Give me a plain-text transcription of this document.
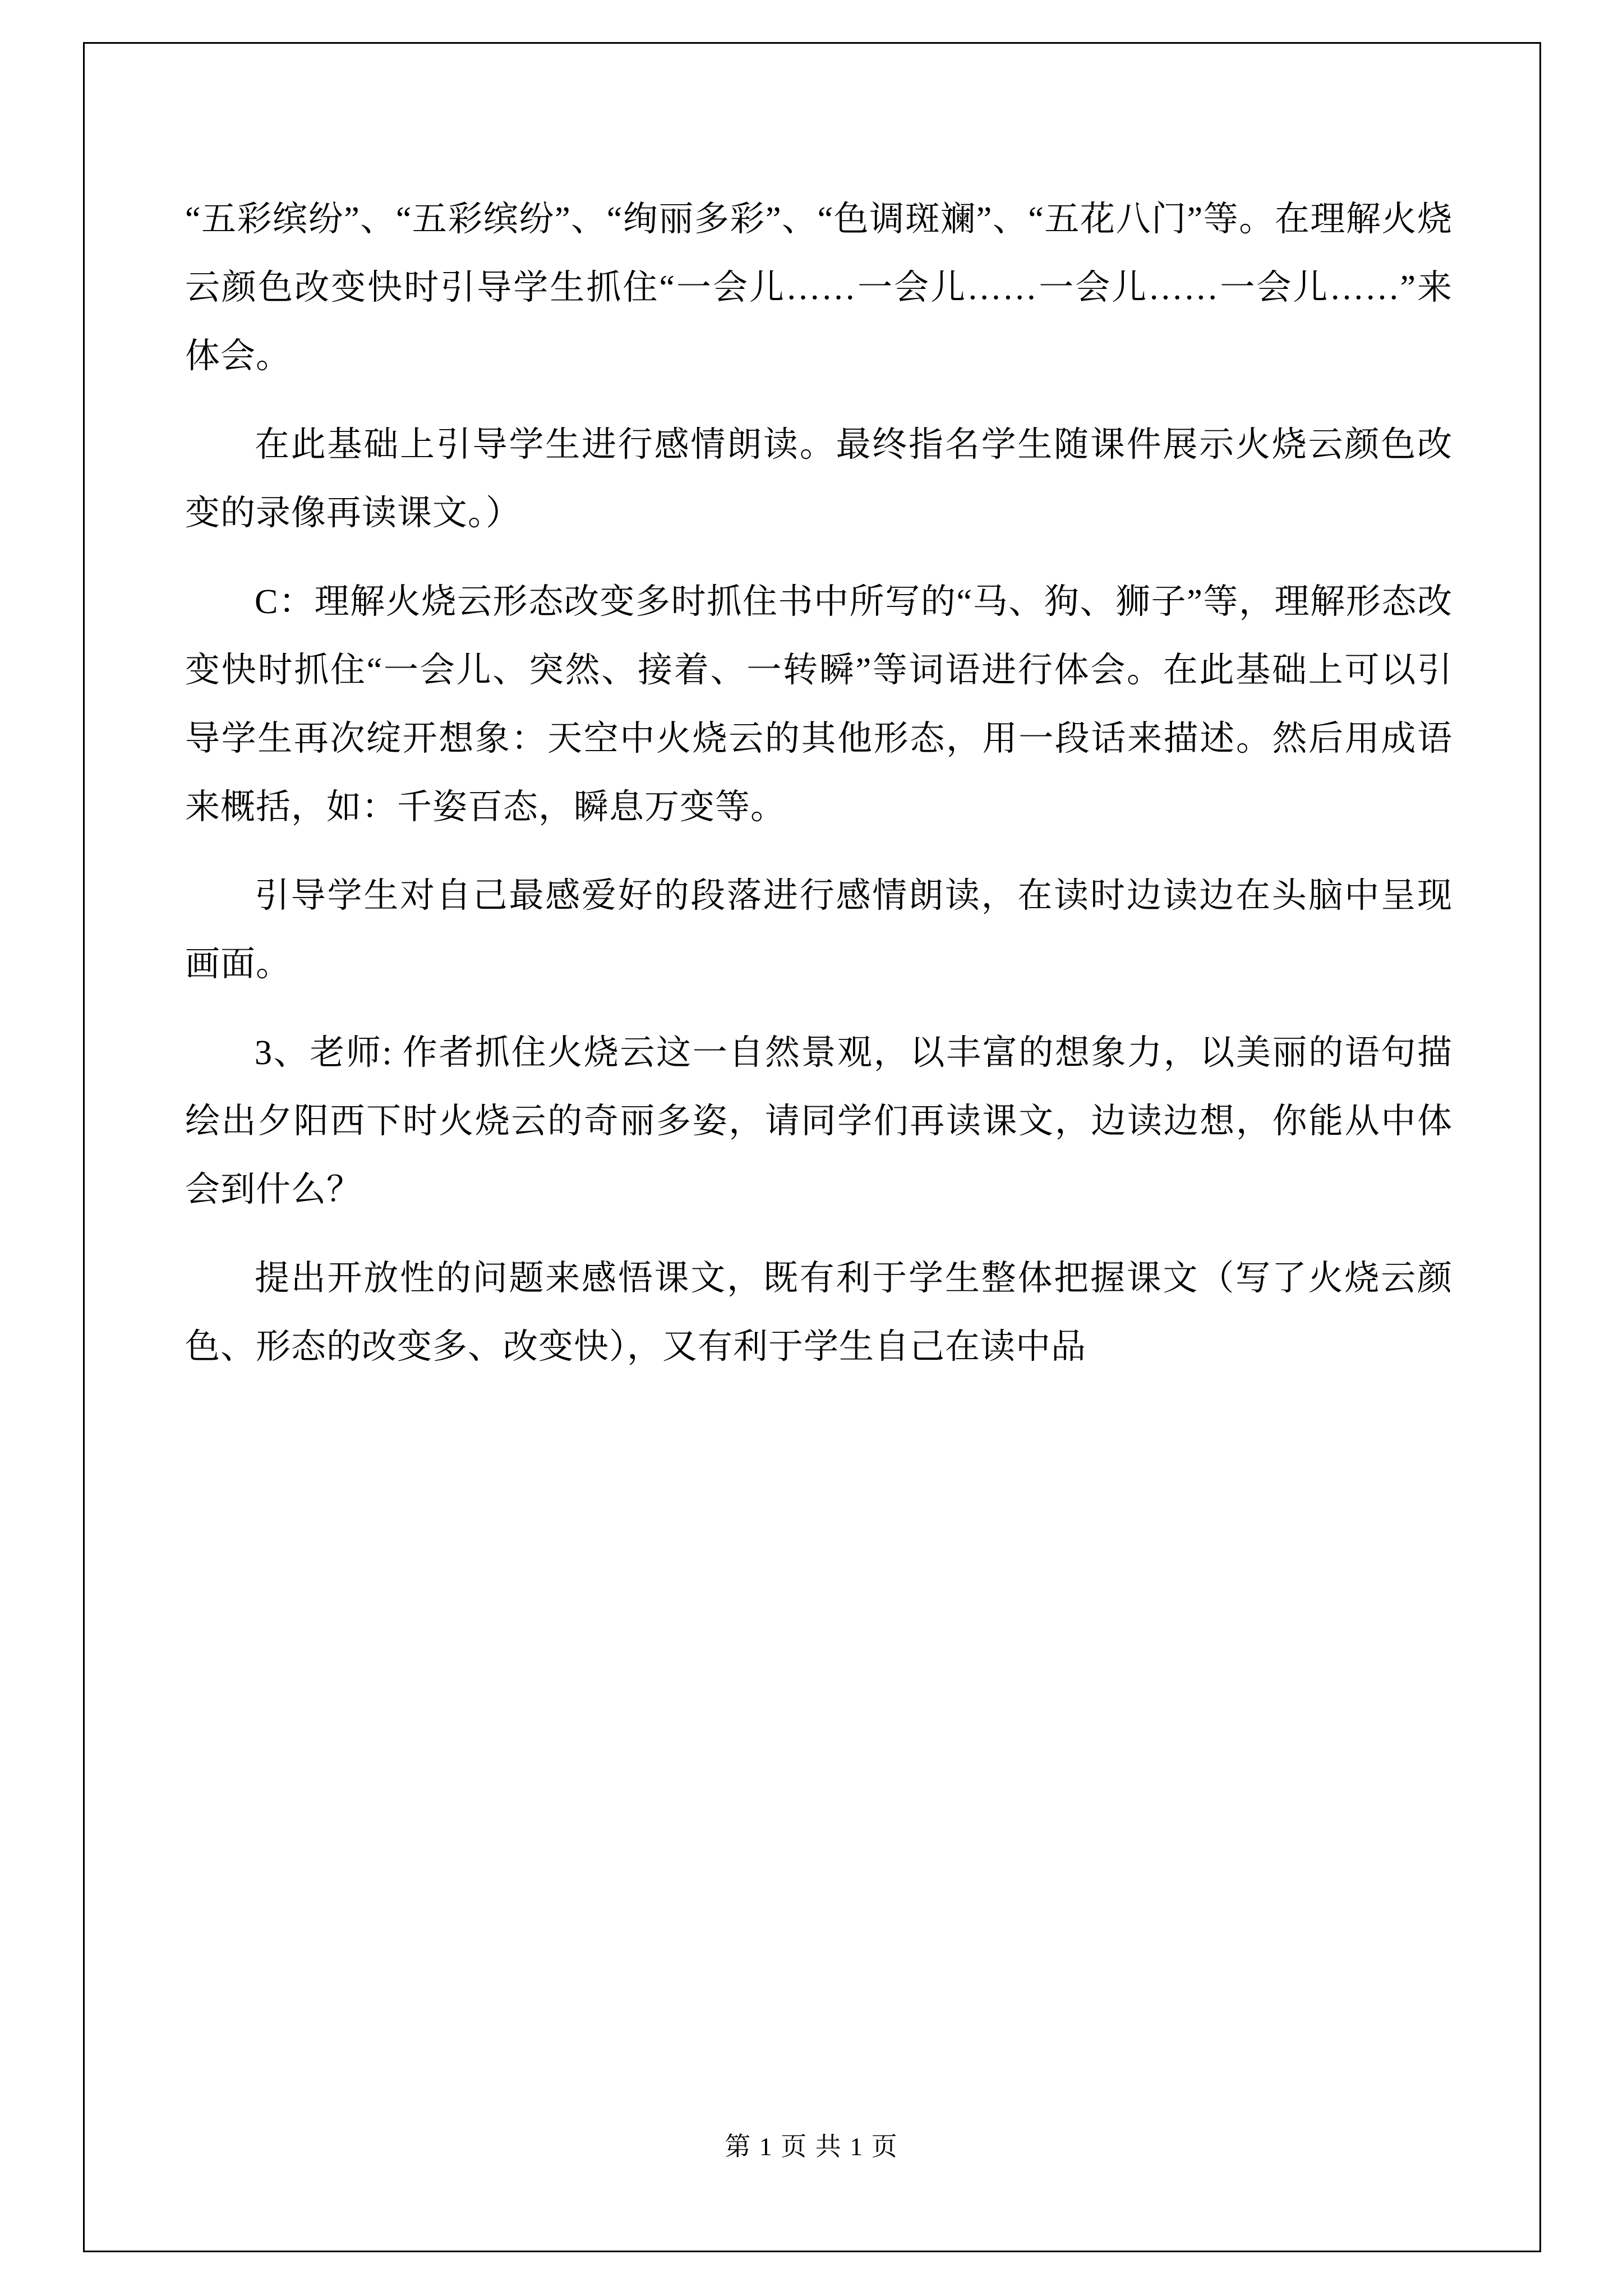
“五彩缤纷”、“五彩缤纷”、“绚丽多彩”、“色调斑斓”、“五花八门”等。在理解火烧云颜色改变快时引导学生抓住“一会儿……一会儿……一会儿……一会儿……”来体会。

在此基础上引导学生进行感情朗读。最终指名学生随课件展示火烧云颜色改变的录像再读课文。）

C：理解火烧云形态改变多时抓住书中所写的“马、狗、狮子”等，理解形态改变快时抓住“一会儿、突然、接着、一转瞬”等词语进行体会。在此基础上可以引导学生再次绽开想象：天空中火烧云的其他形态，用一段话来描述。然后用成语来概括，如：千姿百态，瞬息万变等。

引导学生对自己最感爱好的段落进行感情朗读，在读时边读边在头脑中呈现画面。

3、老师: 作者抓住火烧云这一自然景观，以丰富的想象力，以美丽的语句描绘出夕阳西下时火烧云的奇丽多姿，请同学们再读课文，边读边想，你能从中体会到什么？

提出开放性的问题来感悟课文，既有利于学生整体把握课文（写了火烧云颜色、形态的改变多、改变快），又有利于学生自己在读中品

第 1 页 共 1 页
